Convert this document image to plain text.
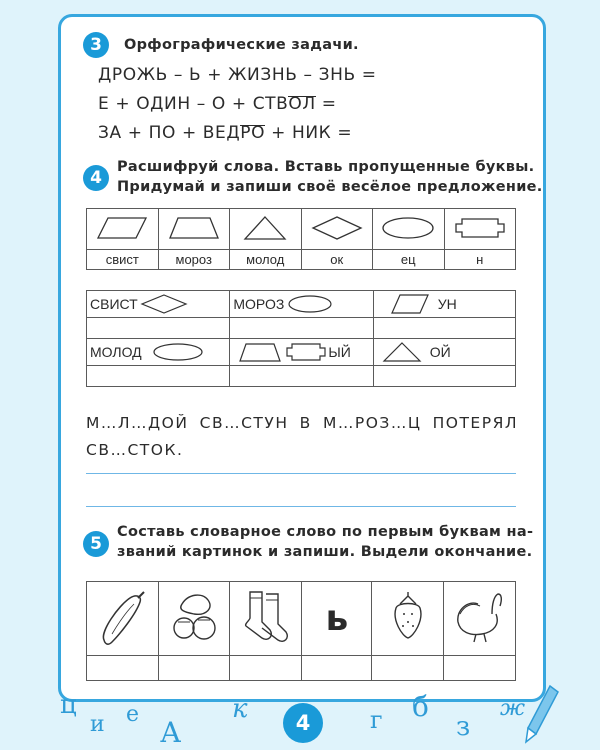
3	Орфографические задачи.
ДРОЖЬ – Ь + ЖИЗНЬ – ЗНЬ =
Е + ОДИН – О + СТВОЛ =
ЗА + ПО + ВЕДРО + НИК =
4
Расшифруй слова. Вставь пропущенные буквы.
Придумай и запиши своё весёлое предложение.

свист	мороз	молод	ок	ец	н
СВИСТ	МОРОЗ	УН

МОЛОД	ЫЙ	ОЙ

М…Л…ДОЙ СВ…СТУН В М…РОЗ…Ц ПОТЕРЯЛ СВ…СТОК.
5
Составь словарное слово по первым буквам на-
званий картинок и запиши. Выдели окончание.
			ь		

ц
и е
А
к	г б
з
ж
4
